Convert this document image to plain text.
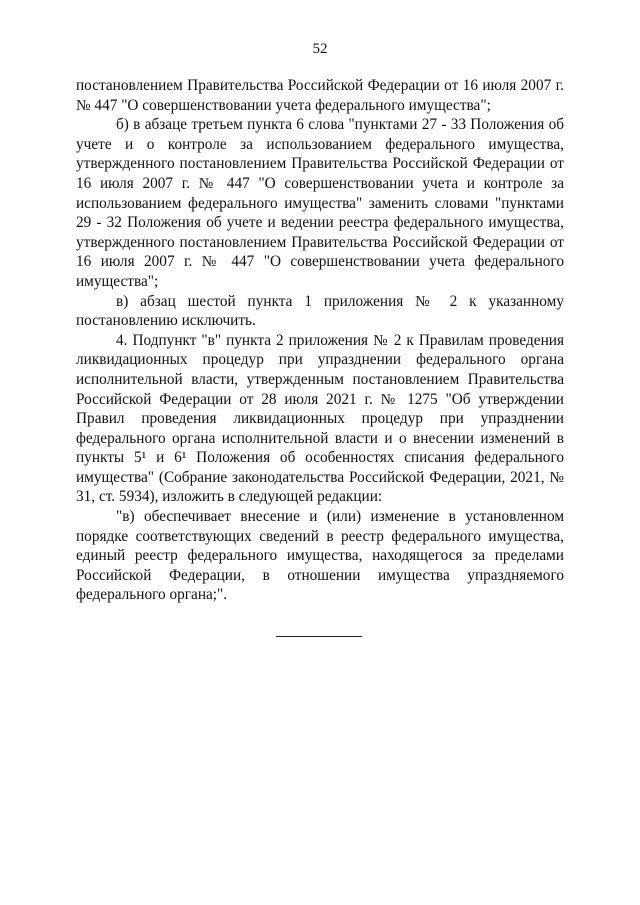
52

постановлением Правительства Российской Федерации от 16 июля 2007 г. № 447 "О совершенствовании учета федерального имущества";

б) в абзаце третьем пункта 6 слова "пунктами 27 - 33 Положения об учете и о контроле за использованием федерального имущества, утвержденного постановлением Правительства Российской Федерации от 16 июля 2007 г. № 447 "О совершенствовании учета и контроле за использованием федерального имущества" заменить словами "пунктами 29 - 32 Положения об учете и ведении реестра федерального имущества, утвержденного постановлением Правительства Российской Федерации от 16 июля 2007 г. № 447 "О совершенствовании учета федерального имущества";

в) абзац шестой пункта 1 приложения № 2 к указанному постановлению исключить.

4. Подпункт "в" пункта 2 приложения № 2 к Правилам проведения ликвидационных процедур при упразднении федерального органа исполнительной власти, утвержденным постановлением Правительства Российской Федерации от 28 июля 2021 г. № 1275 "Об утверждении Правил проведения ликвидационных процедур при упразднении федерального органа исполнительной власти и о внесении изменений в пункты 5¹ и 6¹ Положения об особенностях списания федерального имущества" (Собрание законодательства Российской Федерации, 2021, № 31, ст. 5934), изложить в следующей редакции:

"в) обеспечивает внесение и (или) изменение в установленном порядке соответствующих сведений в реестр федерального имущества, единый реестр федерального имущества, находящегося за пределами Российской Федерации, в отношении имущества упраздняемого федерального органа;".
